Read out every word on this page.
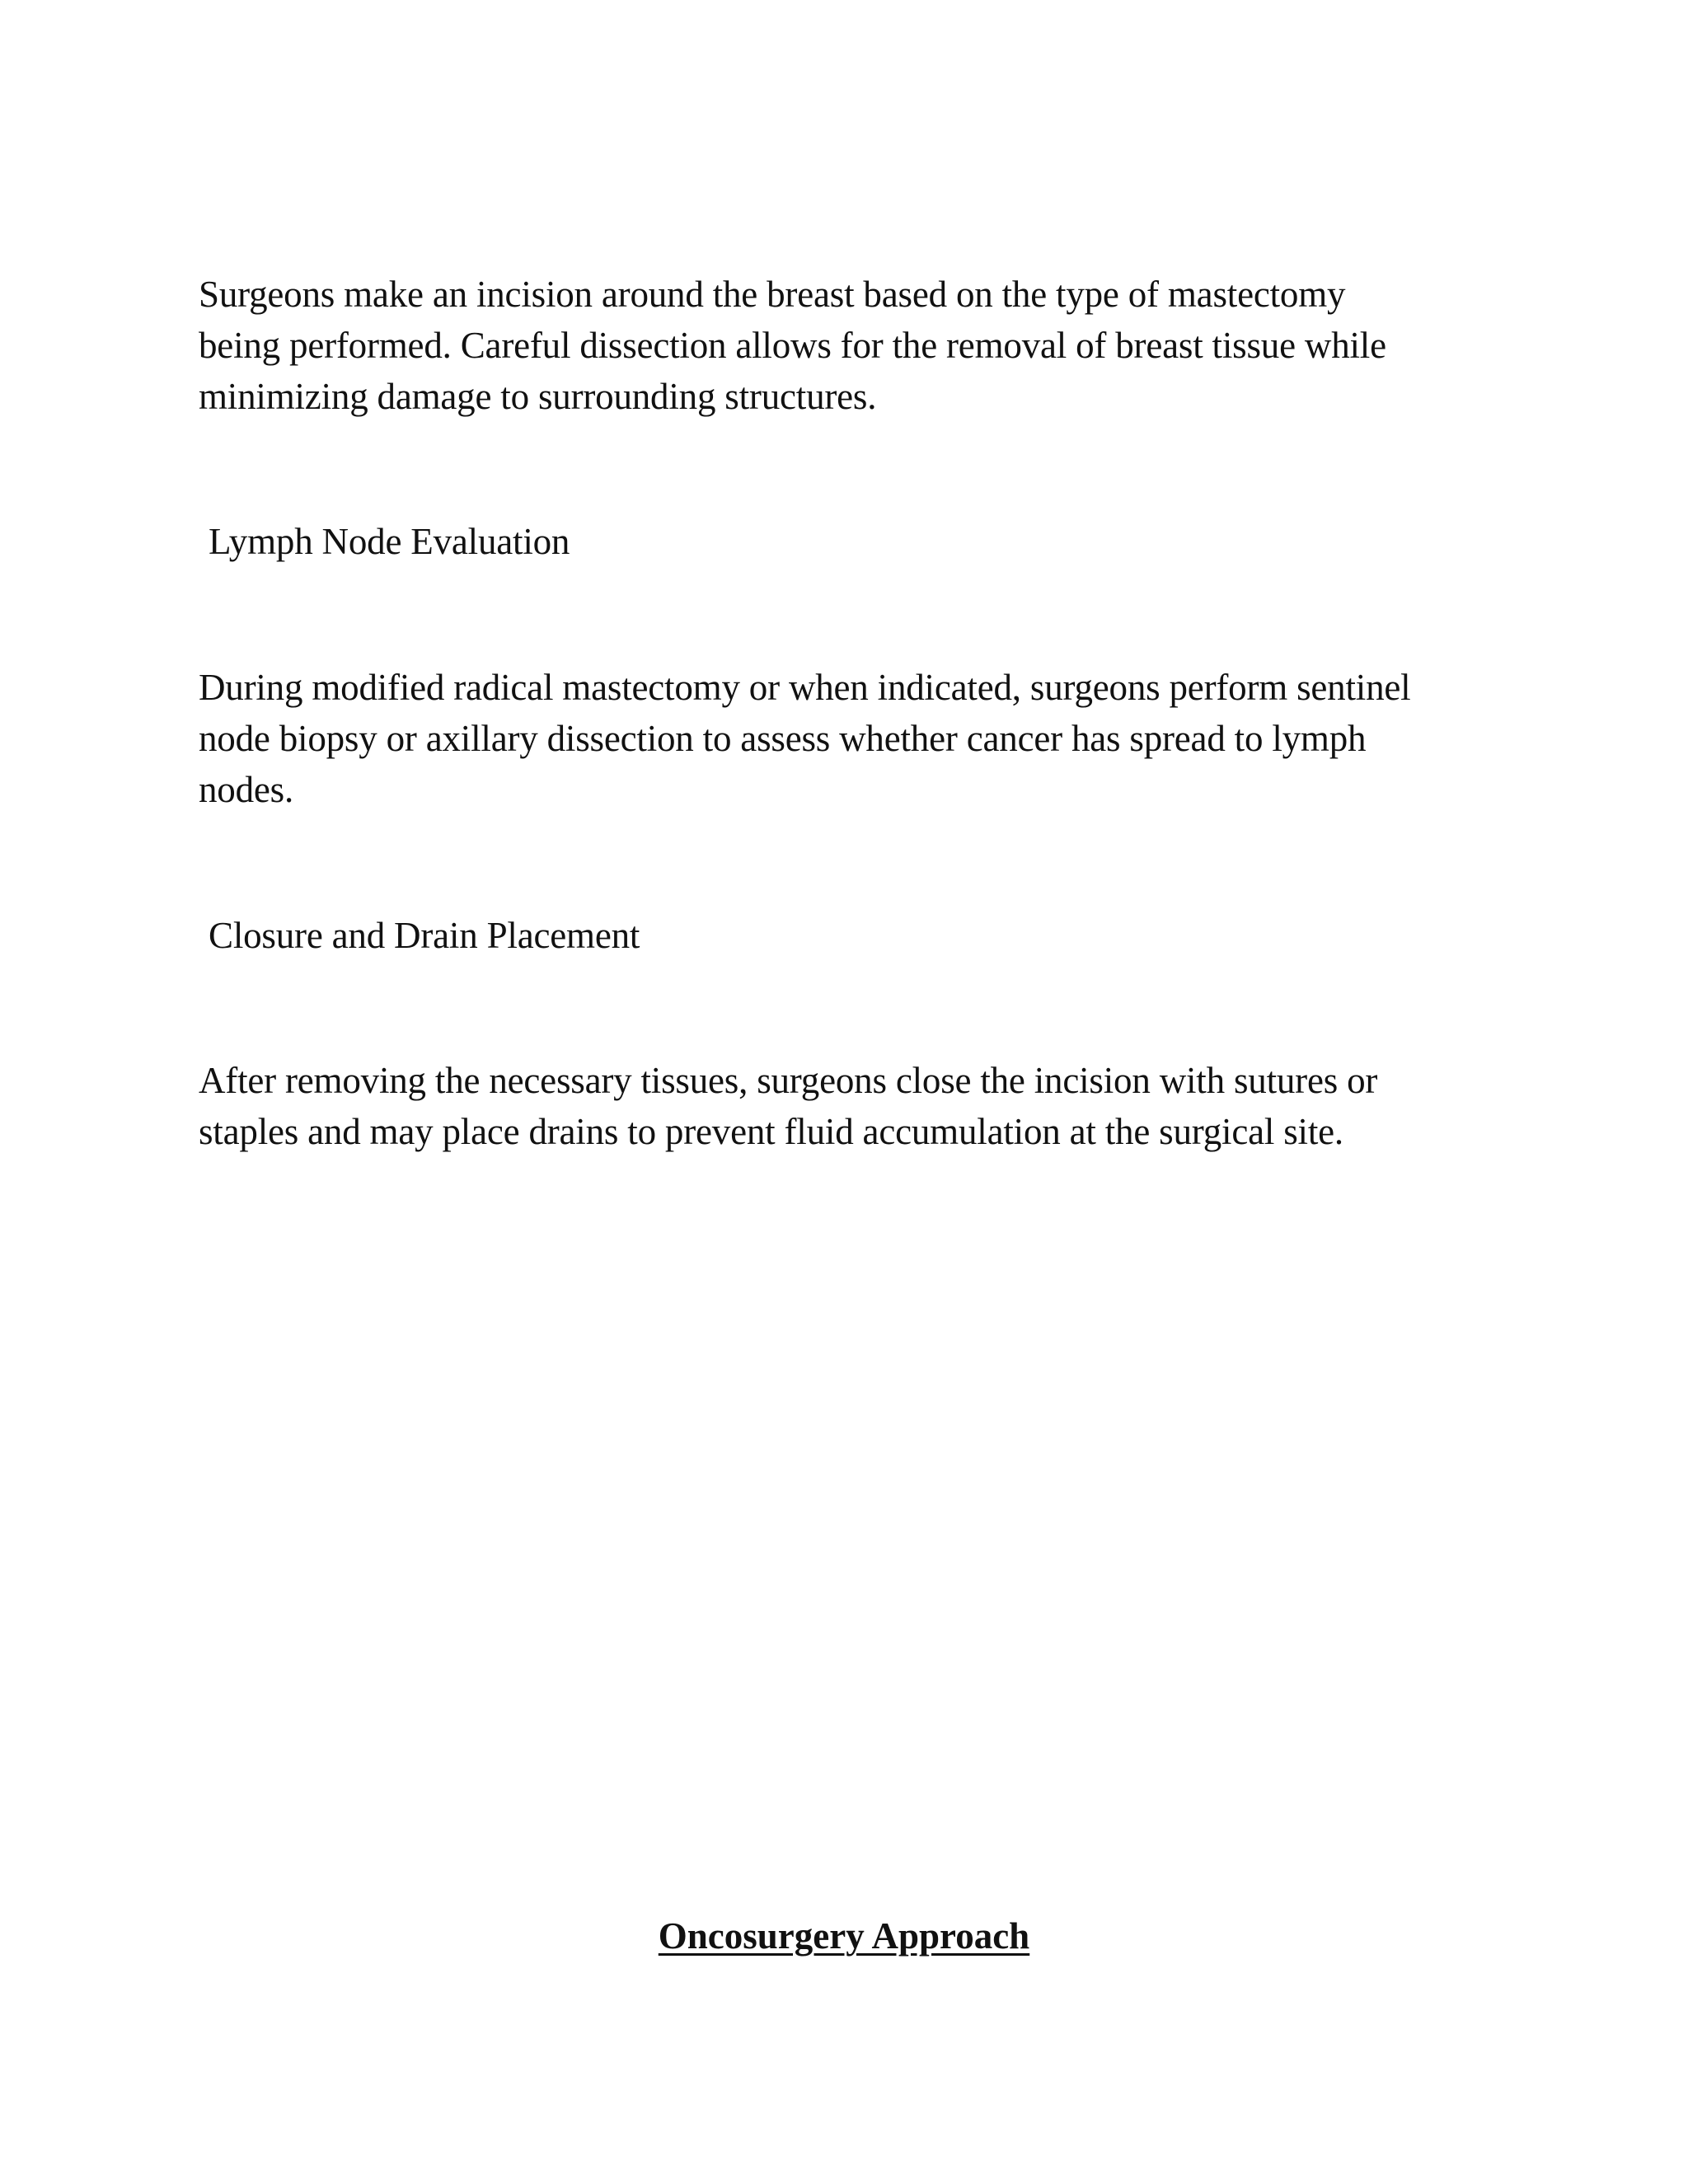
Surgeons make an incision around the breast based on the type of mastectomy
being performed. Careful dissection allows for the removal of breast tissue while
minimizing damage to surrounding structures.

Lymph Node Evaluation

During modified radical mastectomy or when indicated, surgeons perform sentinel
node biopsy or axillary dissection to assess whether cancer has spread to lymph
nodes.

Closure and Drain Placement

After removing the necessary tissues, surgeons close the incision with sutures or
staples and may place drains to prevent fluid accumulation at the surgical site.

Oncosurgery Approach
